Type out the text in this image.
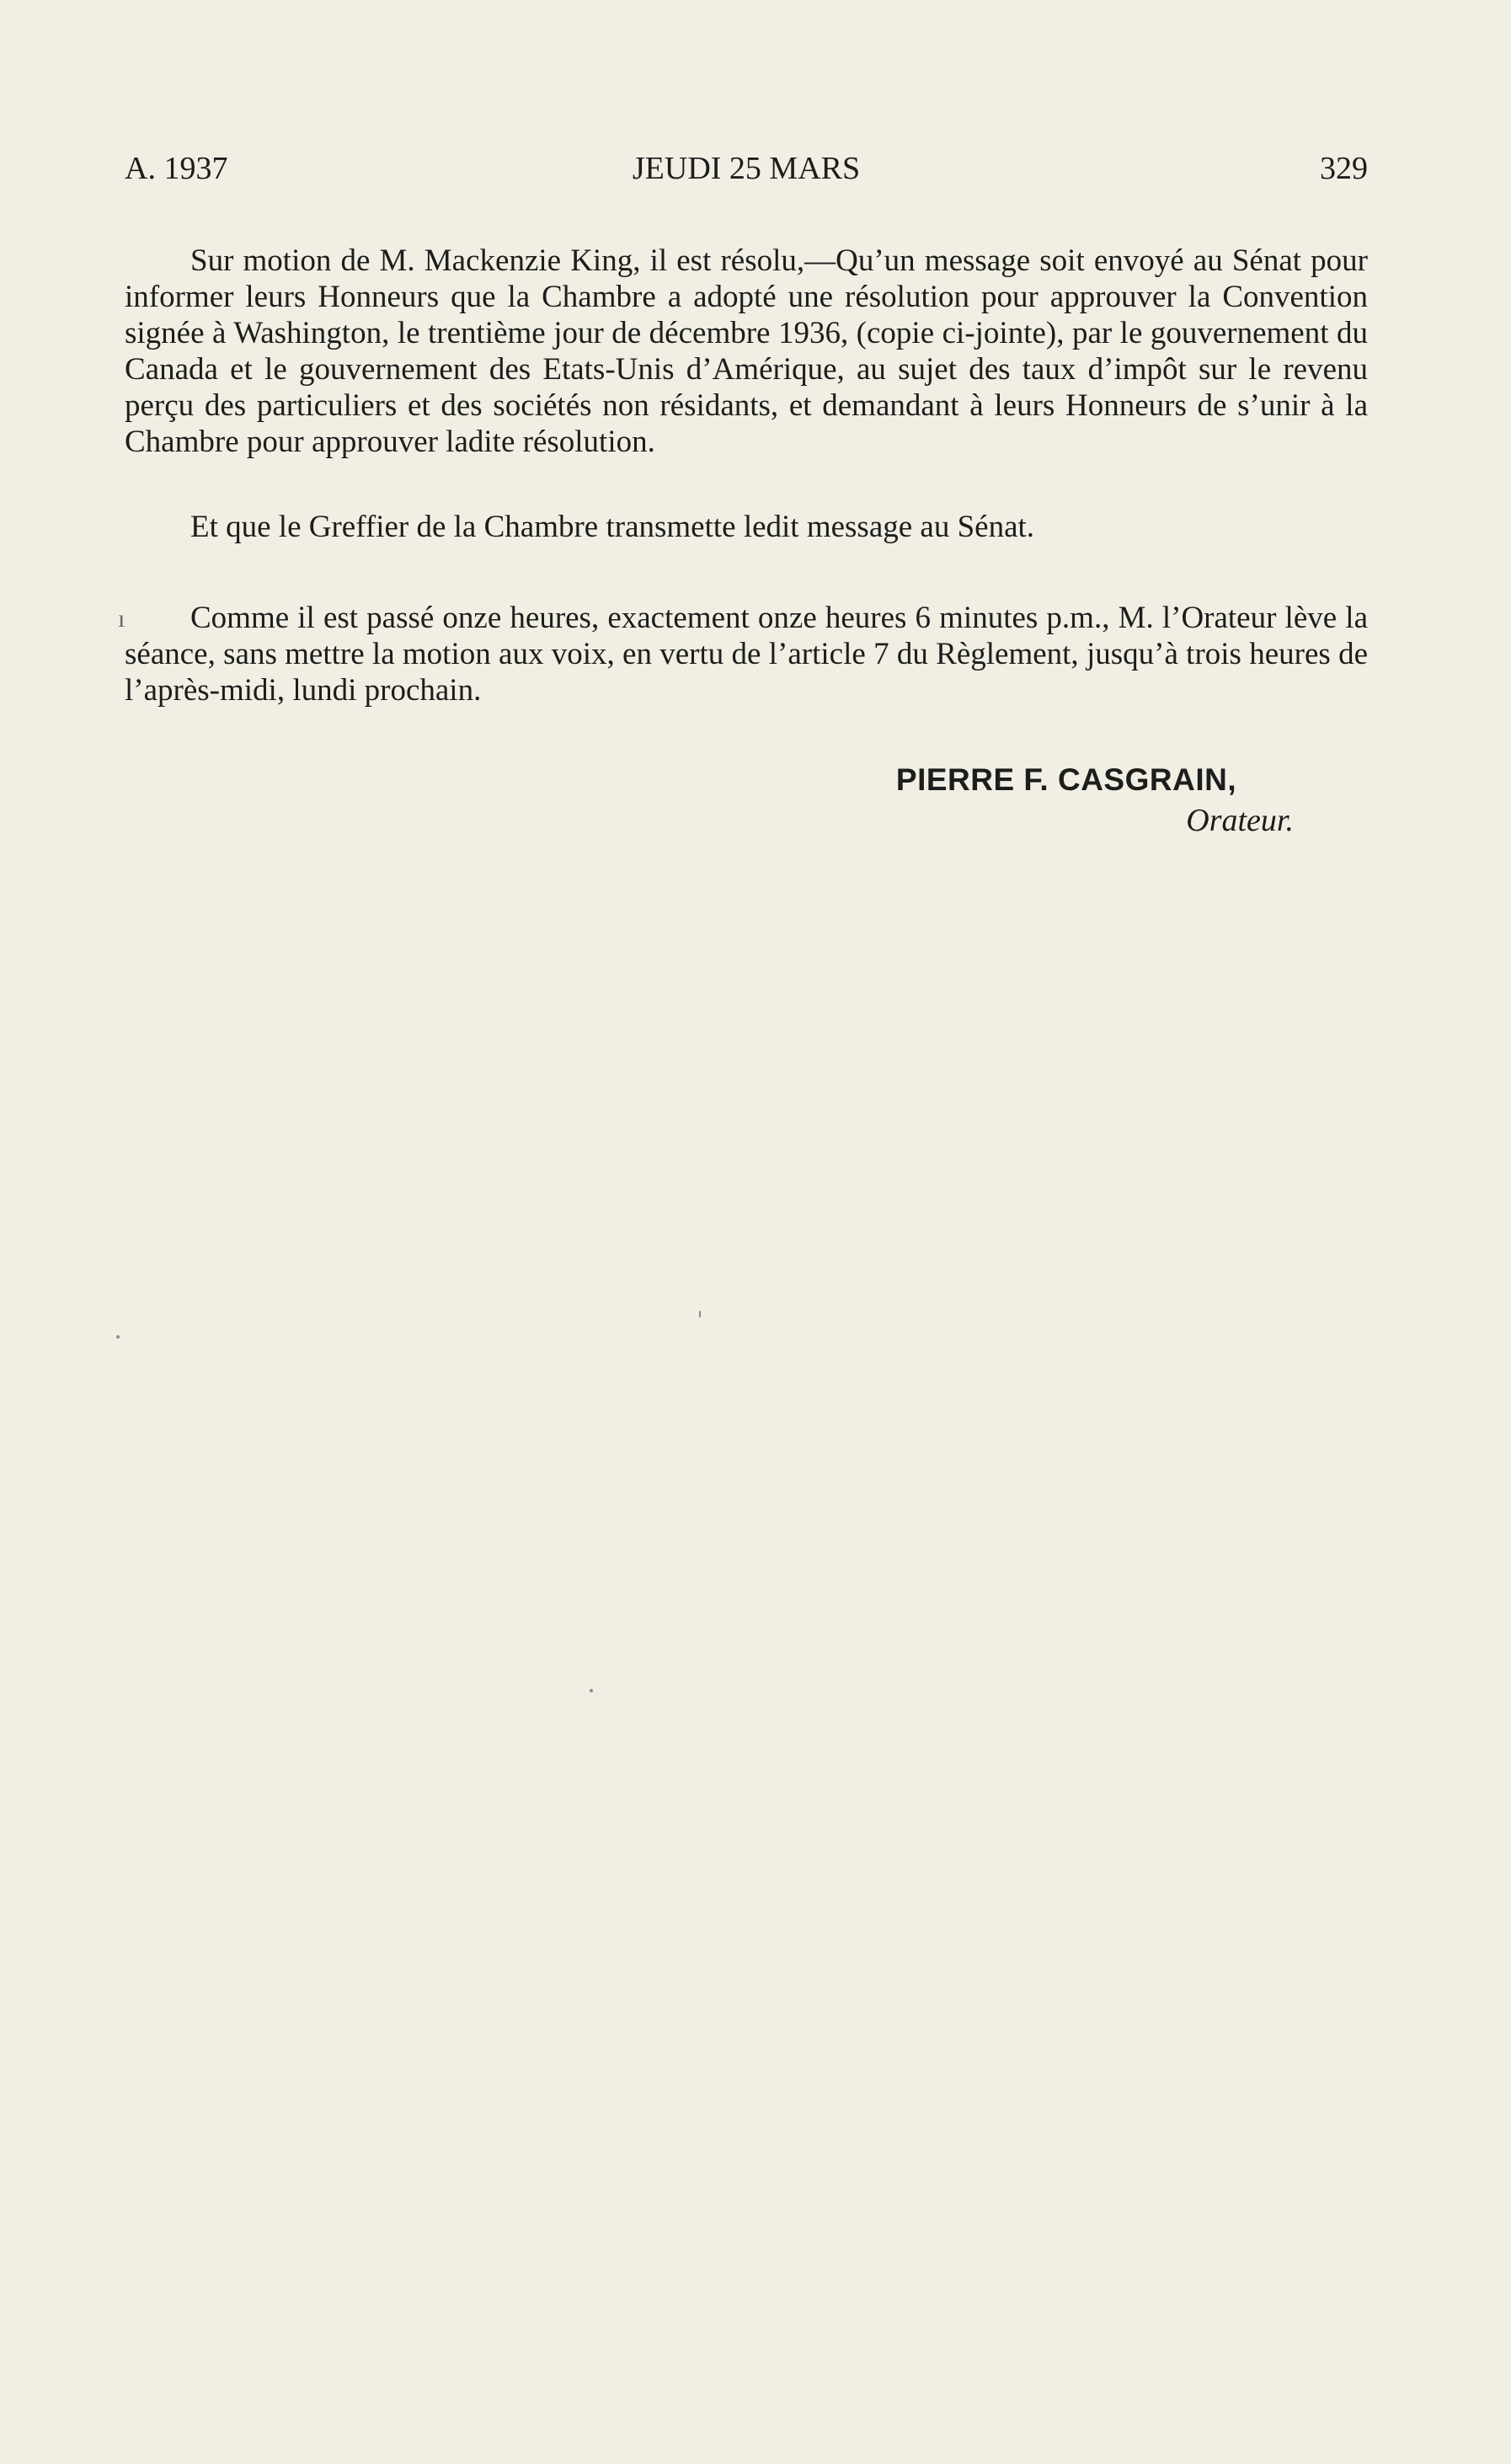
A. 1937	JEUDI 25 MARS	329

Sur motion de M. Mackenzie King, il est résolu,—Qu’un message soit envoyé au Sénat pour informer leurs Honneurs que la Chambre a adopté une résolution pour approuver la Convention signée à Washington, le trentième jour de décembre 1936, (copie ci-jointe), par le gouvernement du Canada et le gouvernement des Etats-Unis d’Amérique, au sujet des taux d’impôt sur le revenu perçu des particuliers et des sociétés non résidants, et demandant à leurs Honneurs de s’unir à la Chambre pour approuver ladite résolution.

Et que le Greffier de la Chambre transmette ledit message au Sénat.

Comme il est passé onze heures, exactement onze heures 6 minutes p.m., M. l’Orateur lève la séance, sans mettre la motion aux voix, en vertu de l’article 7 du Règlement, jusqu’à trois heures de l’après-midi, lundi prochain.

PIERRE F. CASGRAIN,
Orateur.
ı
